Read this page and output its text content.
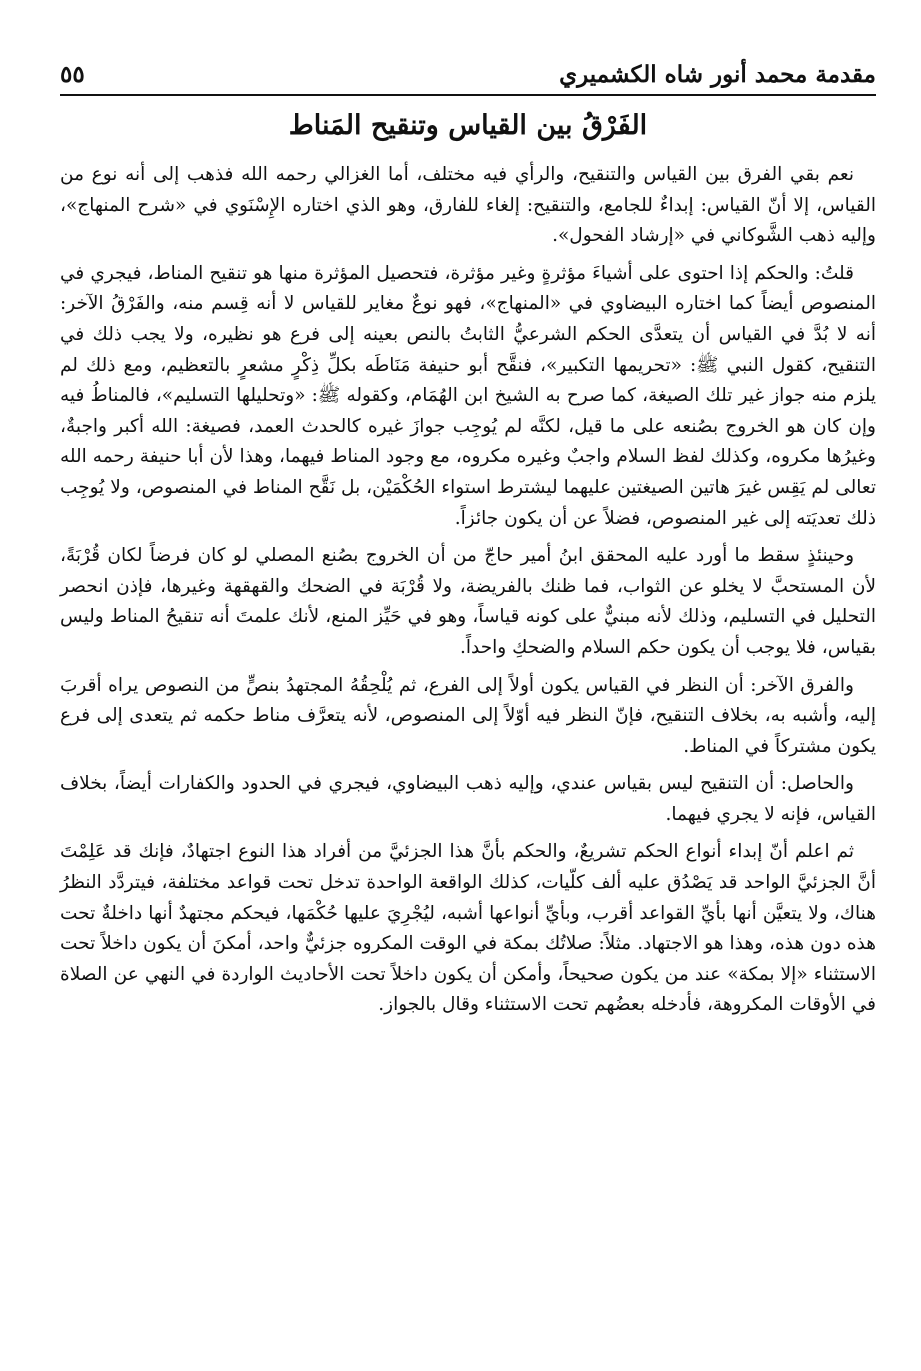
مقدمة محمد أنور شاه الكشميري
٥٥
الفَرْقُ بين القياس وتنقيح المَناط

نعم بقي الفرق بين القياس والتنقيح، والرأي فيه مختلف، أما الغزالي رحمه الله فذهب إلى أنه نوع من القياس، إلا أنّ القياس: إبداءٌ للجامع، والتنقيح: إلغاء للفارق، وهو الذي اختاره الإِسْنَوي في «شرح المنهاج»، وإليه ذهب الشَّوكاني في «إرشاد الفحول».

قلتُ: والحكم إذا احتوى على أشياءَ مؤثرةٍ وغير مؤثرة، فتحصيل المؤثرة منها هو تنقيح المناط، فيجري في المنصوص أيضاً كما اختاره البيضاوي في «المنهاج»، فهو نوعٌ مغاير للقياس لا أنه قِسم منه، والفَرْقُ الآخر: أنه لا بُدَّ في القياس أن يتعدَّى الحكم الشرعيُّ الثابتُ بالنص بعينه إلى فرع هو نظيره، ولا يجب ذلك في التنقيح، كقول النبي ﷺ: «تحريمها التكبير»، فنقَّح أبو حنيفة مَنَاطَه بكلِّ ذِكْرٍ مشعرٍ بالتعظيم، ومع ذلك لم يلزم منه جواز غير تلك الصيغة، كما صرح به الشيخ ابن الهُمَام، وكقوله ﷺ: «وتحليلها التسليم»، فالمناطُ فيه وإن كان هو الخروج بصُنعه على ما قيل، لكنَّه لم يُوجِب جوازَ غيره كالحدث العمد، فصيغة: الله أكبر واجبةٌ، وغيرُها مكروه، وكذلك لفظ السلام واجبٌ وغيره مكروه، مع وجود المناط فيهما، وهذا لأن أبا حنيفة رحمه الله تعالى لم يَقِس غيرَ هاتين الصيغتين عليهما ليشترط استواء الحُكْمَيْن، بل نَقَّح المناط في المنصوص، ولا يُوجِب ذلك تعديَته إلى غير المنصوص، فضلاً عن أن يكون جائزاً.

وحينئذٍ سقط ما أورد عليه المحقق ابنُ أمير حاجّ من أن الخروج بصُنع المصلي لو كان فرضاً لكان قُرْبَةً، لأن المستحبَّ لا يخلو عن الثواب، فما ظنك بالفريضة، ولا قُرْبَة في الضحك والقهقهة وغيرها، فإذن انحصر التحليل في التسليم، وذلك لأنه مبنيٌّ على كونه قياساً، وهو في حَيِّز المنع، لأنك علمتَ أنه تنقيحُ المناط وليس بقياس، فلا يوجب أن يكون حكم السلام والضحكِ واحداً.

والفرق الآخر: أن النظر في القياس يكون أولاً إلى الفرع، ثم يُلْحِقُهُ المجتهدُ بنصٍّ من النصوص يراه أقربَ إليه، وأشبه به، بخلاف التنقيح، فإنّ النظر فيه أوّلاً إلى المنصوص، لأنه يتعرَّف مناط حكمه ثم يتعدى إلى فرع يكون مشتركاً في المناط.

والحاصل: أن التنقيح ليس بقياس عندي، وإليه ذهب البيضاوي، فيجري في الحدود والكفارات أيضاً، بخلاف القياس، فإنه لا يجري فيهما.

ثم اعلم أنّ إبداء أنواع الحكم تشريعٌ، والحكم بأنَّ هذا الجزئيَّ من أفراد هذا النوع اجتهادٌ، فإنك قد عَلِمْتَ أنَّ الجزئيَّ الواحد قد يَصْدُق عليه ألف كلّيات، كذلك الواقعة الواحدة تدخل تحت قواعد مختلفة، فيتردَّد النظرُ هناك، ولا يتعيَّن أنها بأيِّ القواعد أقرب، وبأيِّ أنواعها أشبه، ليُجْرِيَ عليها حُكْمَها، فيحكم مجتهدٌ أنها داخلةٌ تحت هذه دون هذه، وهذا هو الاجتهاد. مثلاً: صلاتُك بمكة في الوقت المكروه جزئيٌّ واحد، أمكنَ أن يكون داخلاً تحت الاستثناء «إلا بمكة» عند من يكون صحيحاً، وأمكن أن يكون داخلاً تحت الأحاديث الواردة في النهي عن الصلاة في الأوقات المكروهة، فأدخله بعضُهم تحت الاستثناء وقال بالجواز.
